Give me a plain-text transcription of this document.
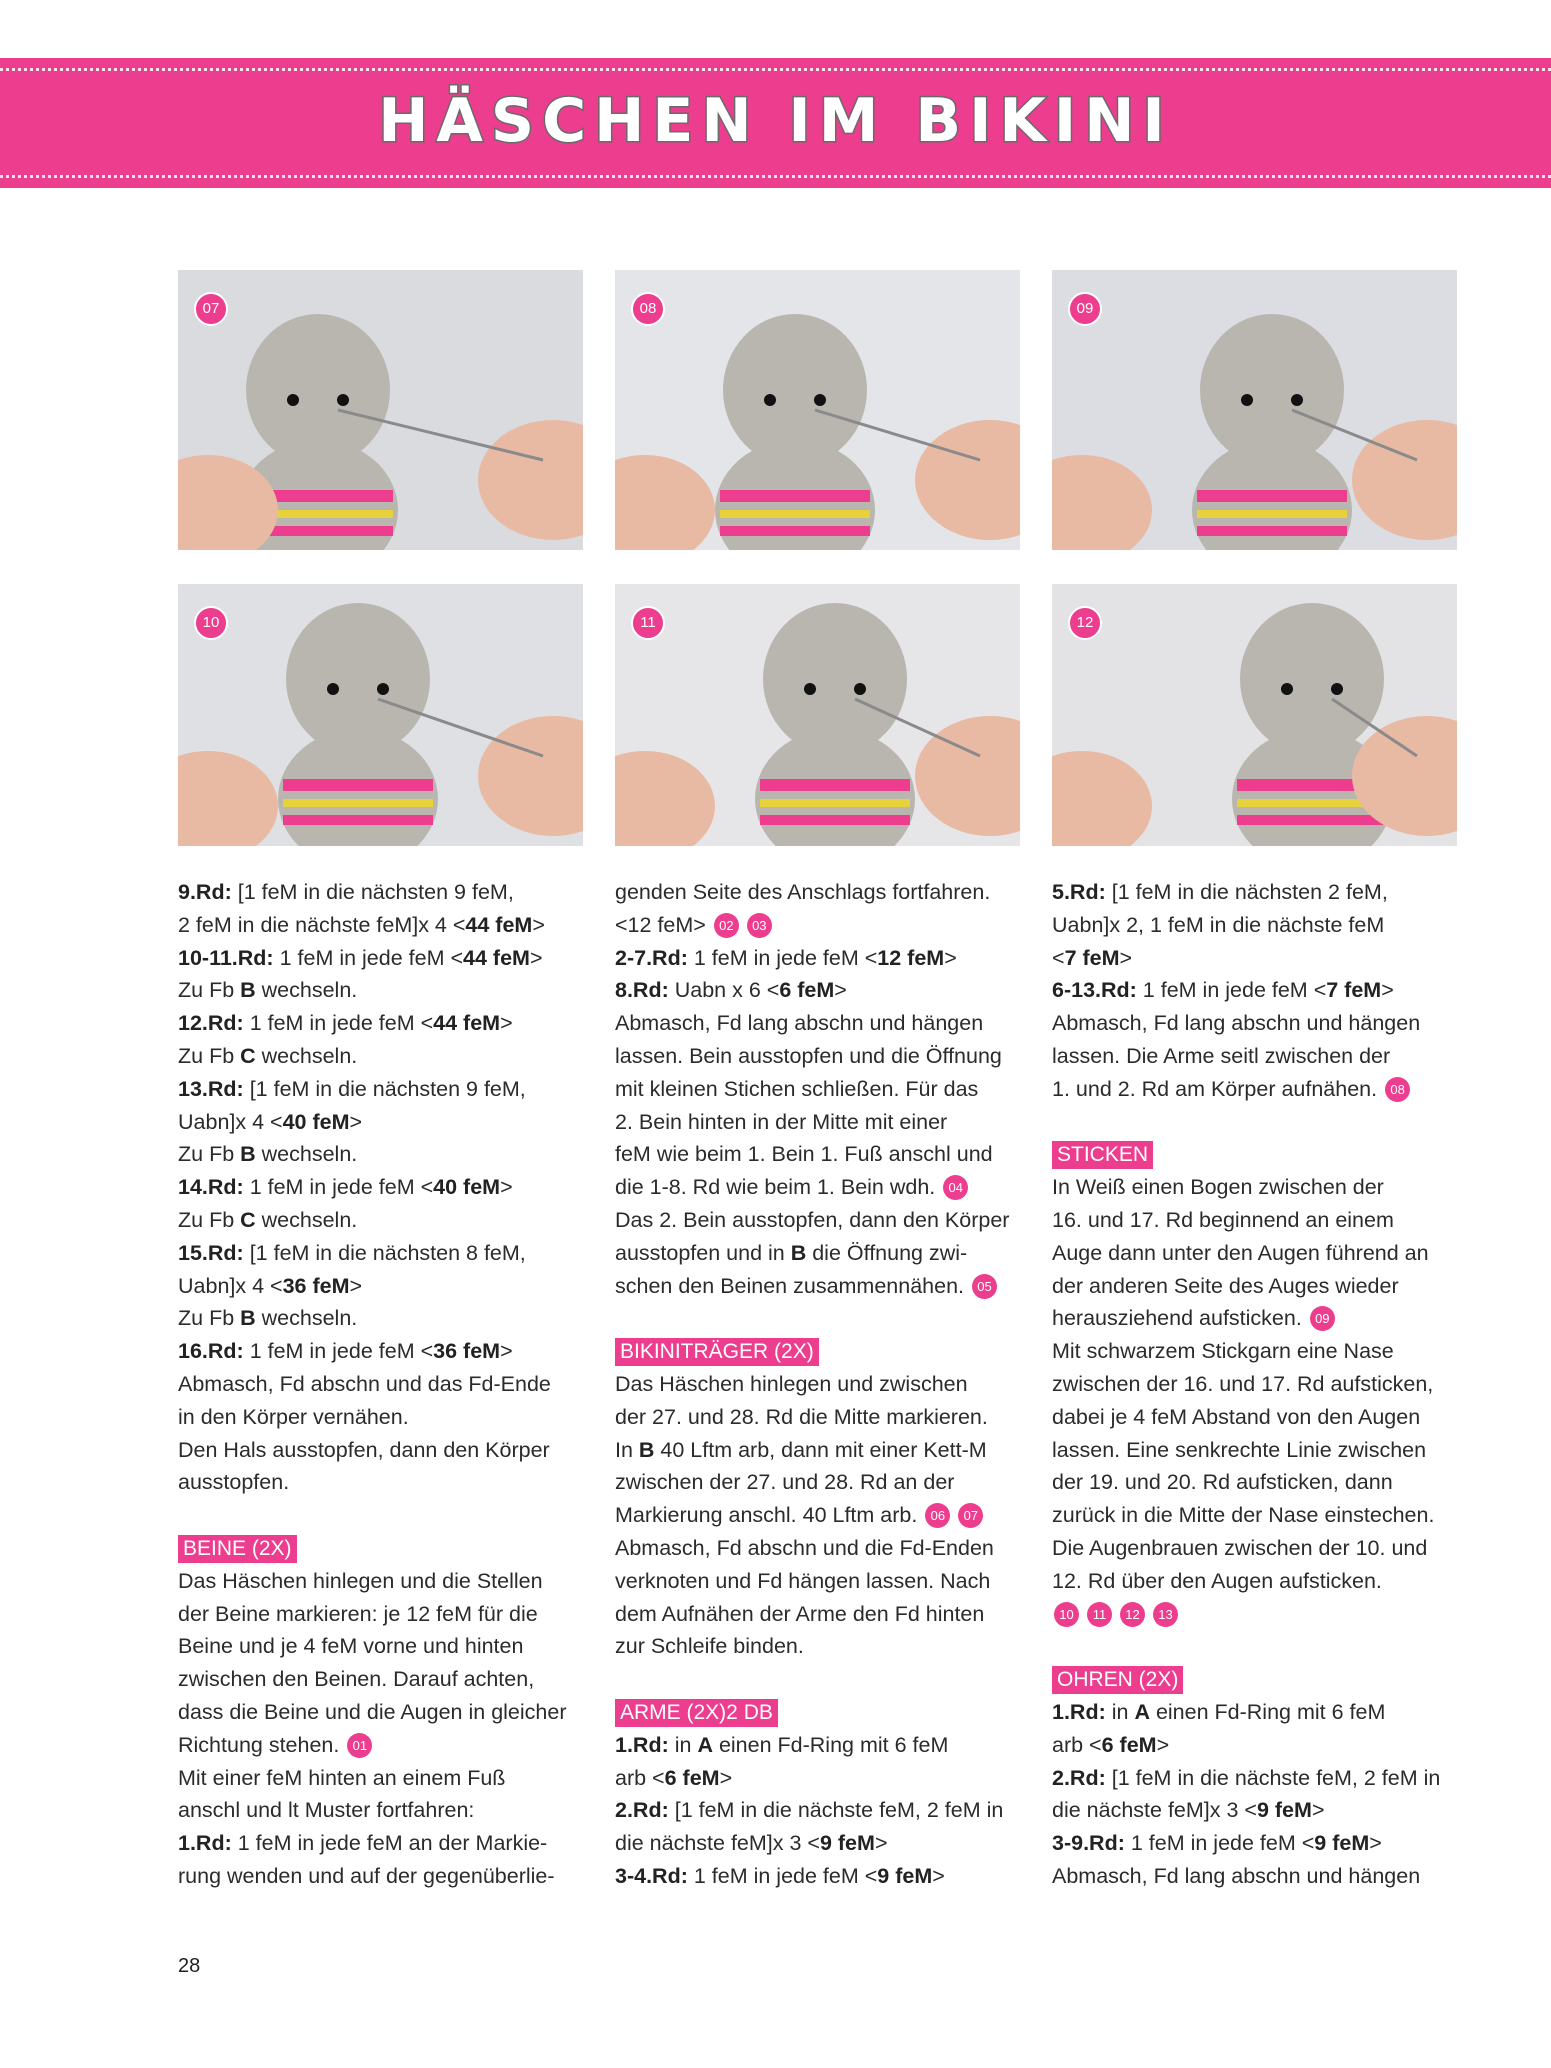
HÄSCHEN IM BIKINI
07	08	09
10	11	12
9.Rd: [1 feM in die nächsten 9 feM,
2 feM in die nächste feM]x 4 <44 feM>
10-11.Rd: 1 feM in jede feM <44 feM>
Zu Fb B wechseln.
12.Rd: 1 feM in jede feM <44 feM>
Zu Fb C wechseln.
13.Rd: [1 feM in die nächsten 9 feM,
Uabn]x 4 <40 feM>
Zu Fb B wechseln.
14.Rd: 1 feM in jede feM <40 feM>
Zu Fb C wechseln.
15.Rd: [1 feM in die nächsten 8 feM,
Uabn]x 4 <36 feM>
Zu Fb B wechseln.
16.Rd: 1 feM in jede feM <36 feM>
Abmasch, Fd abschn und das Fd-Ende
in den Körper vernähen.
Den Hals ausstopfen, dann den Körper
ausstopfen.
BEINE (2X)
Das Häschen hinlegen und die Stellen
der Beine markieren: je 12 feM für die
Beine und je 4 feM vorne und hinten
zwischen den Beinen. Darauf achten,
dass die Beine und die Augen in gleicher
Richtung stehen. 01
Mit einer feM hinten an einem Fuß
anschl und lt Muster fortfahren:
1.Rd: 1 feM in jede feM an der Markie-
rung wenden und auf der gegenüberlie-
genden Seite des Anschlags fortfahren.
<12 feM> 02 03
2-7.Rd: 1 feM in jede feM <12 feM>
8.Rd: Uabn x 6 <6 feM>
Abmasch, Fd lang abschn und hängen
lassen. Bein ausstopfen und die Öffnung
mit kleinen Stichen schließen. Für das
2. Bein hinten in der Mitte mit einer
feM wie beim 1. Bein 1. Fuß anschl und
die 1-8. Rd wie beim 1. Bein wdh. 04
Das 2. Bein ausstopfen, dann den Körper
ausstopfen und in B die Öffnung zwi-
schen den Beinen zusammennähen. 05
BIKINITRÄGER (2X)
Das Häschen hinlegen und zwischen
der 27. und 28. Rd die Mitte markieren.
In B 40 Lftm arb, dann mit einer Kett-M
zwischen der 27. und 28. Rd an der
Markierung anschl. 40 Lftm arb. 06 07
Abmasch, Fd abschn und die Fd-Enden
verknoten und Fd hängen lassen. Nach
dem Aufnähen der Arme den Fd hinten
zur Schleife binden.
ARME (2X)2 DB
1.Rd: in A einen Fd-Ring mit 6 feM
arb <6 feM>
2.Rd: [1 feM in die nächste feM, 2 feM in
die nächste feM]x 3 <9 feM>
3-4.Rd: 1 feM in jede feM <9 feM>
5.Rd: [1 feM in die nächsten 2 feM,
Uabn]x 2, 1 feM in die nächste feM
<7 feM>
6-13.Rd: 1 feM in jede feM <7 feM>
Abmasch, Fd lang abschn und hängen
lassen. Die Arme seitl zwischen der
1. und 2. Rd am Körper aufnähen. 08
STICKEN
In Weiß einen Bogen zwischen der
16. und 17. Rd beginnend an einem
Auge dann unter den Augen führend an
der anderen Seite des Auges wieder
herausziehend aufsticken. 09
Mit schwarzem Stickgarn eine Nase
zwischen der 16. und 17. Rd aufsticken,
dabei je 4 feM Abstand von den Augen
lassen. Eine senkrechte Linie zwischen
der 19. und 20. Rd aufsticken, dann
zurück in die Mitte der Nase einstechen.
Die Augenbrauen zwischen der 10. und
12. Rd über den Augen aufsticken.
10 11 12 13
OHREN (2X)
1.Rd: in A einen Fd-Ring mit 6 feM
arb <6 feM>
2.Rd: [1 feM in die nächste feM, 2 feM in
die nächste feM]x 3 <9 feM>
3-9.Rd: 1 feM in jede feM <9 feM>
Abmasch, Fd lang abschn und hängen
28
